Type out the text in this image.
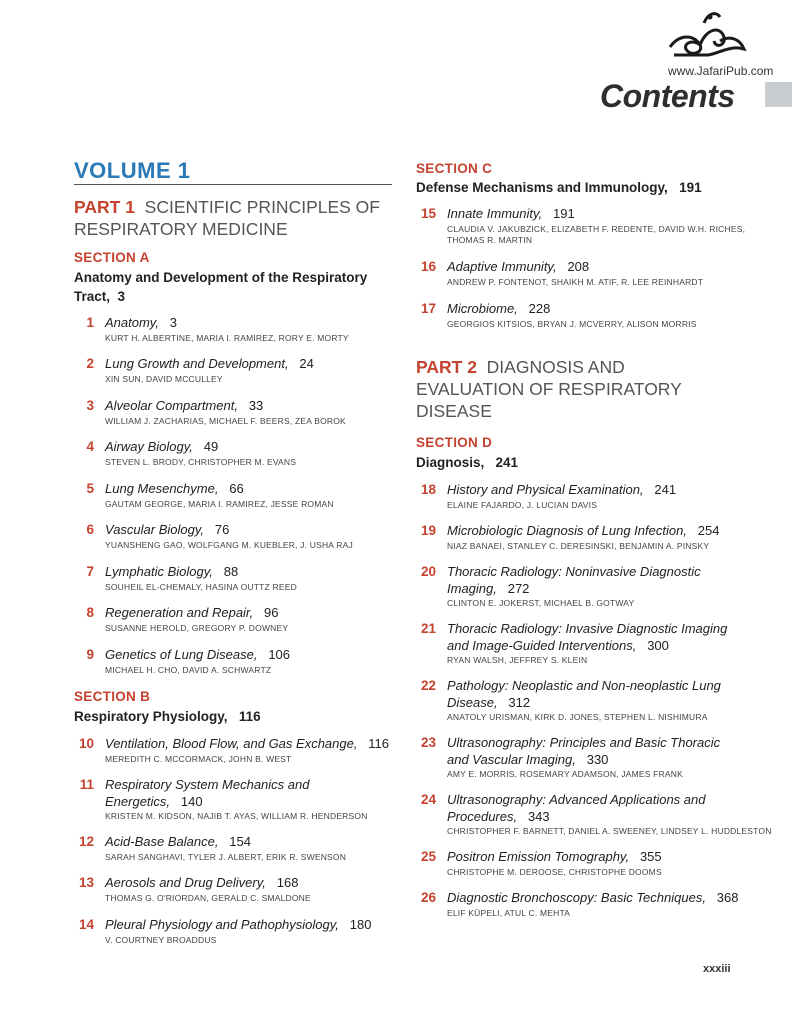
www.JafariPub.com
Contents
VOLUME 1
PART 1 SCIENTIFIC PRINCIPLES OF
RESPIRATORY MEDICINE
SECTION A
Anatomy and Development of the Respiratory
Tract, 3
1 Anatomy, 3
KURT H. ALBERTINE, MARIA I. RAMIREZ, RORY E. MORTY
2 Lung Growth and Development, 24
XIN SUN, DAVID MCCULLEY
3 Alveolar Compartment, 33
WILLIAM J. ZACHARIAS, MICHAEL F. BEERS, ZEA BOROK
4 Airway Biology, 49
STEVEN L. BRODY, CHRISTOPHER M. EVANS
5 Lung Mesenchyme, 66
GAUTAM GEORGE, MARIA I. RAMIREZ, JESSE ROMAN
6 Vascular Biology, 76
YUANSHENG GAO, WOLFGANG M. KUEBLER, J. USHA RAJ
7 Lymphatic Biology, 88
SOUHEIL EL-CHEMALY, HASINA OUTTZ REED
8 Regeneration and Repair, 96
SUSANNE HEROLD, GREGORY P. DOWNEY
9 Genetics of Lung Disease, 106
MICHAEL H. CHO, DAVID A. SCHWARTZ
SECTION B
Respiratory Physiology, 116
10 Ventilation, Blood Flow, and Gas Exchange, 116
MEREDITH C. MCCORMACK, JOHN B. WEST
11 Respiratory System Mechanics and
Energetics, 140
KRISTEN M. KIDSON, NAJIB T. AYAS, WILLIAM R. HENDERSON
12 Acid-Base Balance, 154
SARAH SANGHAVI, TYLER J. ALBERT, ERIK R. SWENSON
13 Aerosols and Drug Delivery, 168
THOMAS G. O'RIORDAN, GERALD C. SMALDONE
14 Pleural Physiology and Pathophysiology, 180
V. COURTNEY BROADDUS
SECTION C
Defense Mechanisms and Immunology, 191
15 Innate Immunity, 191
CLAUDIA V. JAKUBZICK, ELIZABETH F. REDENTE, DAVID W.H. RICHES,
THOMAS R. MARTIN
16 Adaptive Immunity, 208
ANDREW P. FONTENOT, SHAIKH M. ATIF, R. LEE REINHARDT
17 Microbiome, 228
GEORGIOS KITSIOS, BRYAN J. MCVERRY, ALISON MORRIS
PART 2 DIAGNOSIS AND
EVALUATION OF RESPIRATORY
DISEASE
SECTION D
Diagnosis, 241
18 History and Physical Examination, 241
ELAINE FAJARDO, J. LUCIAN DAVIS
19 Microbiologic Diagnosis of Lung Infection, 254
NIAZ BANAEI, STANLEY C. DERESINSKI, BENJAMIN A. PINSKY
20 Thoracic Radiology: Noninvasive Diagnostic
Imaging, 272
CLINTON E. JOKERST, MICHAEL B. GOTWAY
21 Thoracic Radiology: Invasive Diagnostic Imaging
and Image-Guided Interventions, 300
RYAN WALSH, JEFFREY S. KLEIN
22 Pathology: Neoplastic and Non-neoplastic Lung
Disease, 312
ANATOLY URISMAN, KIRK D. JONES, STEPHEN L. NISHIMURA
23 Ultrasonography: Principles and Basic Thoracic
and Vascular Imaging, 330
AMY E. MORRIS, ROSEMARY ADAMSON, JAMES FRANK
24 Ultrasonography: Advanced Applications and
Procedures, 343
CHRISTOPHER F. BARNETT, DANIEL A. SWEENEY, LINDSEY L. HUDDLESTON
25 Positron Emission Tomography, 355
CHRISTOPHE M. DEROOSE, CHRISTOPHE DOOMS
26 Diagnostic Bronchoscopy: Basic Techniques, 368
ELIF KÜPELI, ATUL C. MEHTA
xxxiii
